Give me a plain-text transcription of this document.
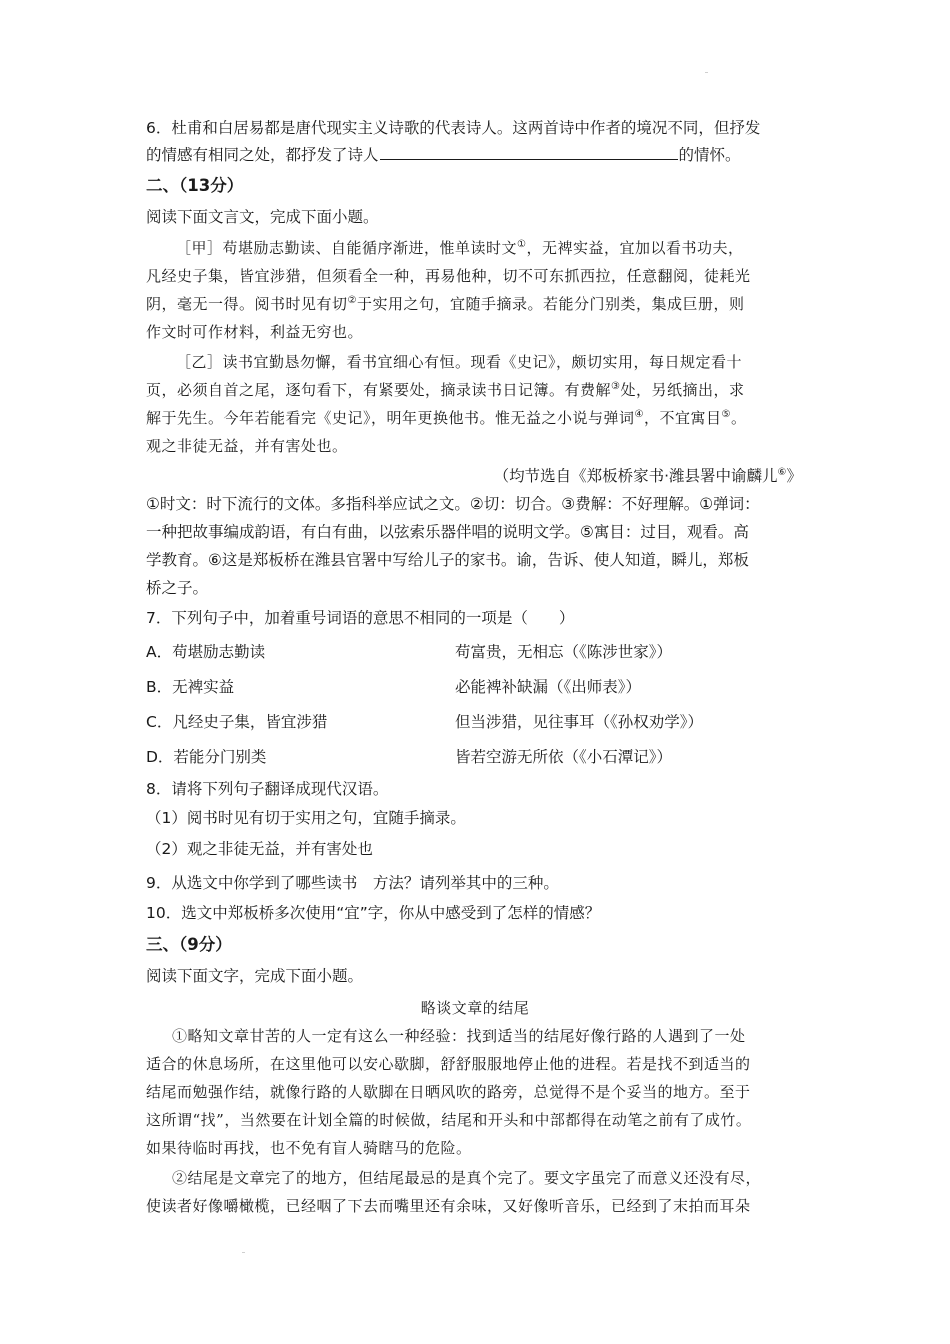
6．杜甫和白居易都是唐代现实主义诗歌的代表诗人。这两首诗中作者的境况不同，但抒发
的情感有相同之处，都抒发了诗人	的情怀。
二、（13分）
阅读下面文言文，完成下面小题。
［甲］苟堪励志勤读、自能循序渐进，惟单读时文①，无裨实益，宜加以看书功夫，
凡经史子集，皆宜涉猎，但须看全一种，再易他种，切不可东抓西拉，任意翻阅，徒耗光
阴，毫无一得。阅书时见有切②于实用之句，宜随手摘录。若能分门别类，集成巨册，则
作文时可作材料，利益无穷也。
［乙］读书宜勤恳勿懈，看书宜细心有恒。现看《史记》，颇切实用，每日规定看十
页，必须自首之尾，逐句看下，有紧要处，摘录读书日记簿。有费解③处，另纸摘出，求
解于先生。今年若能看完《史记》，明年更换他书。惟无益之小说与弹词④，不宜寓目⑤。
观之非徒无益，并有害处也。
（均节选自《郑板桥家书·潍县署中谕麟儿⑥》
①时文：时下流行的文体。多指科举应试之文。②切：切合。③费解：不好理解。①弹词：
一种把故事编成韵语，有白有曲，以弦索乐器伴唱的说明文学。⑤寓目：过目，观看。高
学教育。⑥这是郑板桥在潍县官署中写给儿子的家书。谕，告诉、使人知道，瞬儿，郑板
桥之子。
7．下列句子中，加着重号词语的意思不相同的一项是（　　）
A．苟堪励志勤读	苟富贵，无相忘（《陈涉世家》）
B．无裨实益	必能裨补缺漏（《出师表》）
C．凡经史子集，皆宜涉猎	但当涉猎，见往事耳（《孙权劝学》）
D．若能分门别类	皆若空游无所依（《小石潭记》）
8．请将下列句子翻译成现代汉语。
（1）阅书时见有切于实用之句，宜随手摘录。
（2）观之非徒无益，并有害处也
9．从选文中你学到了哪些读书　方法？请列举其中的三种。
10．选文中郑板桥多次使用“宜”字，你从中感受到了怎样的情感？
三、（9分）
阅读下面文字，完成下面小题。
略谈文章的结尾
①略知文章甘苦的人一定有这么一种经验：找到适当的结尾好像行路的人遇到了一处
适合的休息场所，在这里他可以安心歇脚，舒舒服服地停止他的进程。若是找不到适当的
结尾而勉强作结，就像行路的人歇脚在日晒风吹的路旁，总觉得不是个妥当的地方。至于
这所谓“找”，当然要在计划全篇的时候做，结尾和开头和中部都得在动笔之前有了成竹。
如果待临时再找，也不免有盲人骑瞎马的危险。
②结尾是文章完了的地方，但结尾最忌的是真个完了。要文字虽完了而意义还没有尽，
使读者好像嚼橄榄，已经咽了下去而嘴里还有余味，又好像听音乐，已经到了末拍而耳朵
